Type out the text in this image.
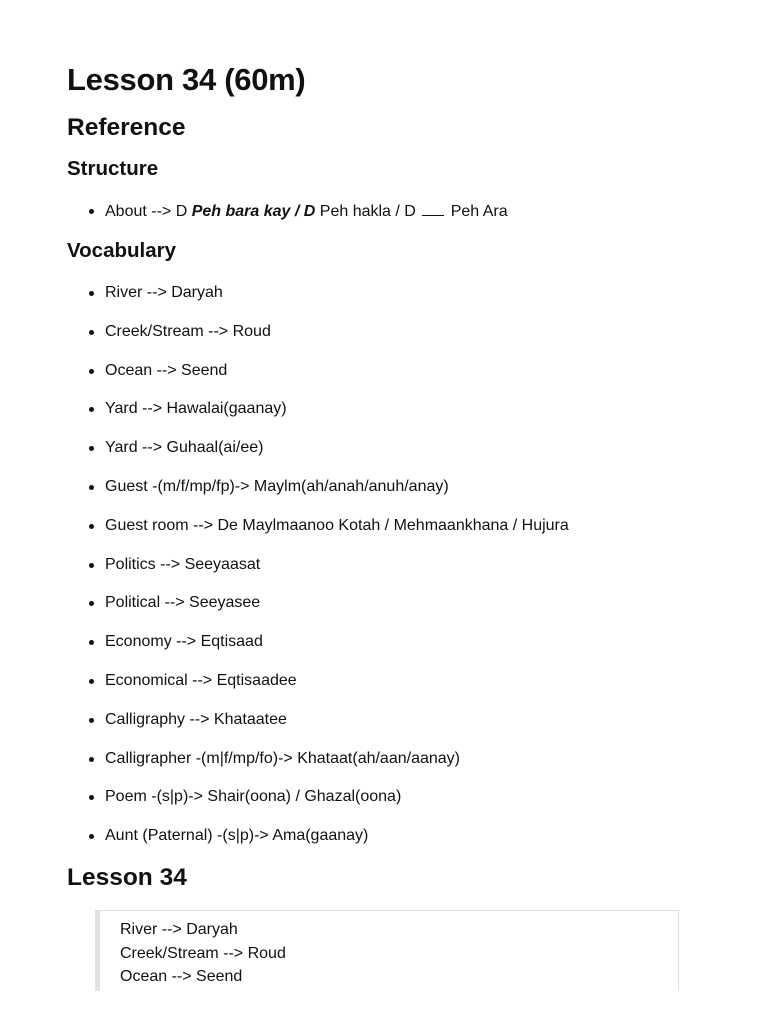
Lesson 34 (60m)
Reference
Structure
About --> D Peh bara kay / D Peh hakla / D  Peh Ara
Vocabulary
River --> Daryah
Creek/Stream --> Roud
Ocean --> Seend
Yard --> Hawalai(gaanay)
Yard --> Guhaal(ai/ee)
Guest -(m/f/mp/fp)-> Maylm(ah/anah/anuh/anay)
Guest room --> De Maylmaanoo Kotah / Mehmaankhana / Hujura
Politics --> Seeyaasat
Political --> Seeyasee
Economy --> Eqtisaad
Economical --> Eqtisaadee
Calligraphy --> Khataatee
Calligrapher -(m|f/mp/fo)-> Khataat(ah/aan/aanay)
Poem -(s|p)-> Shair(oona) / Ghazal(oona)
Aunt (Paternal) -(s|p)-> Ama(gaanay)
Lesson 34
River --> Daryah
Creek/Stream --> Roud
Ocean --> Seend
